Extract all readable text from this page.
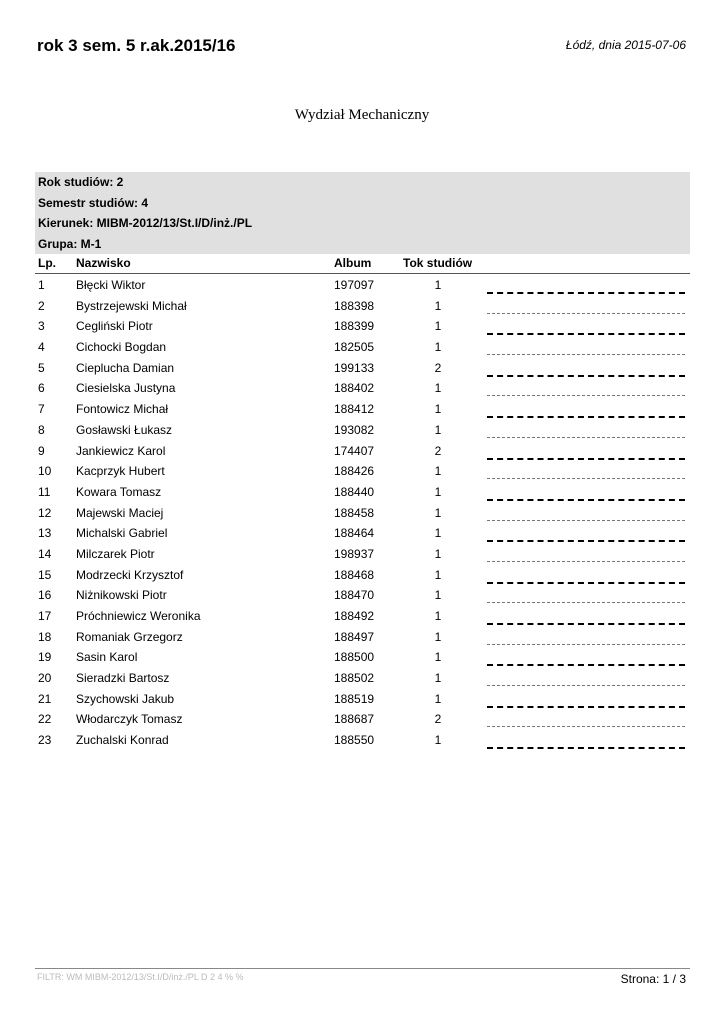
rok 3 sem. 5 r.ak.2015/16	Łódź, dnia 2015-07-06
Wydział Mechaniczny
Rok studiów: 2
Semestr studiów: 4
Kierunek: MIBM-2012/13/St.I/D/inż./PL
Grupa: M-1
Lp. Nazwisko	Album	Tok studiów
1	Błęcki Wiktor	197097	1
2	Bystrzejewski Michał	188398	1
3	Cegliński Piotr	188399	1
4	Cichocki Bogdan	182505	1
5	Cieplucha Damian	199133	2
6	Ciesielska Justyna	188402	1
7	Fontowicz Michał	188412	1
8	Gosławski Łukasz	193082	1
9	Jankiewicz Karol	174407	2
10 Kacprzyk Hubert	188426	1
11 Kowara Tomasz	188440	1
12 Majewski Maciej	188458	1
13 Michalski Gabriel	188464	1
14 Milczarek Piotr	198937	1
15 Modrzecki Krzysztof	188468	1
16 Niżnikowski Piotr	188470	1
17 Próchniewicz Weronika	188492	1
18 Romaniak Grzegorz	188497	1
19 Sasin Karol	188500	1
20 Sieradzki Bartosz	188502	1
21 Szychowski Jakub	188519	1
22 Włodarczyk Tomasz	188687	2
23 Zuchalski Konrad	188550	1
FILTR: WM MIBM-2012/13/St.I/D/inż./PL D 2 4 % %	Strona: 1 / 3
